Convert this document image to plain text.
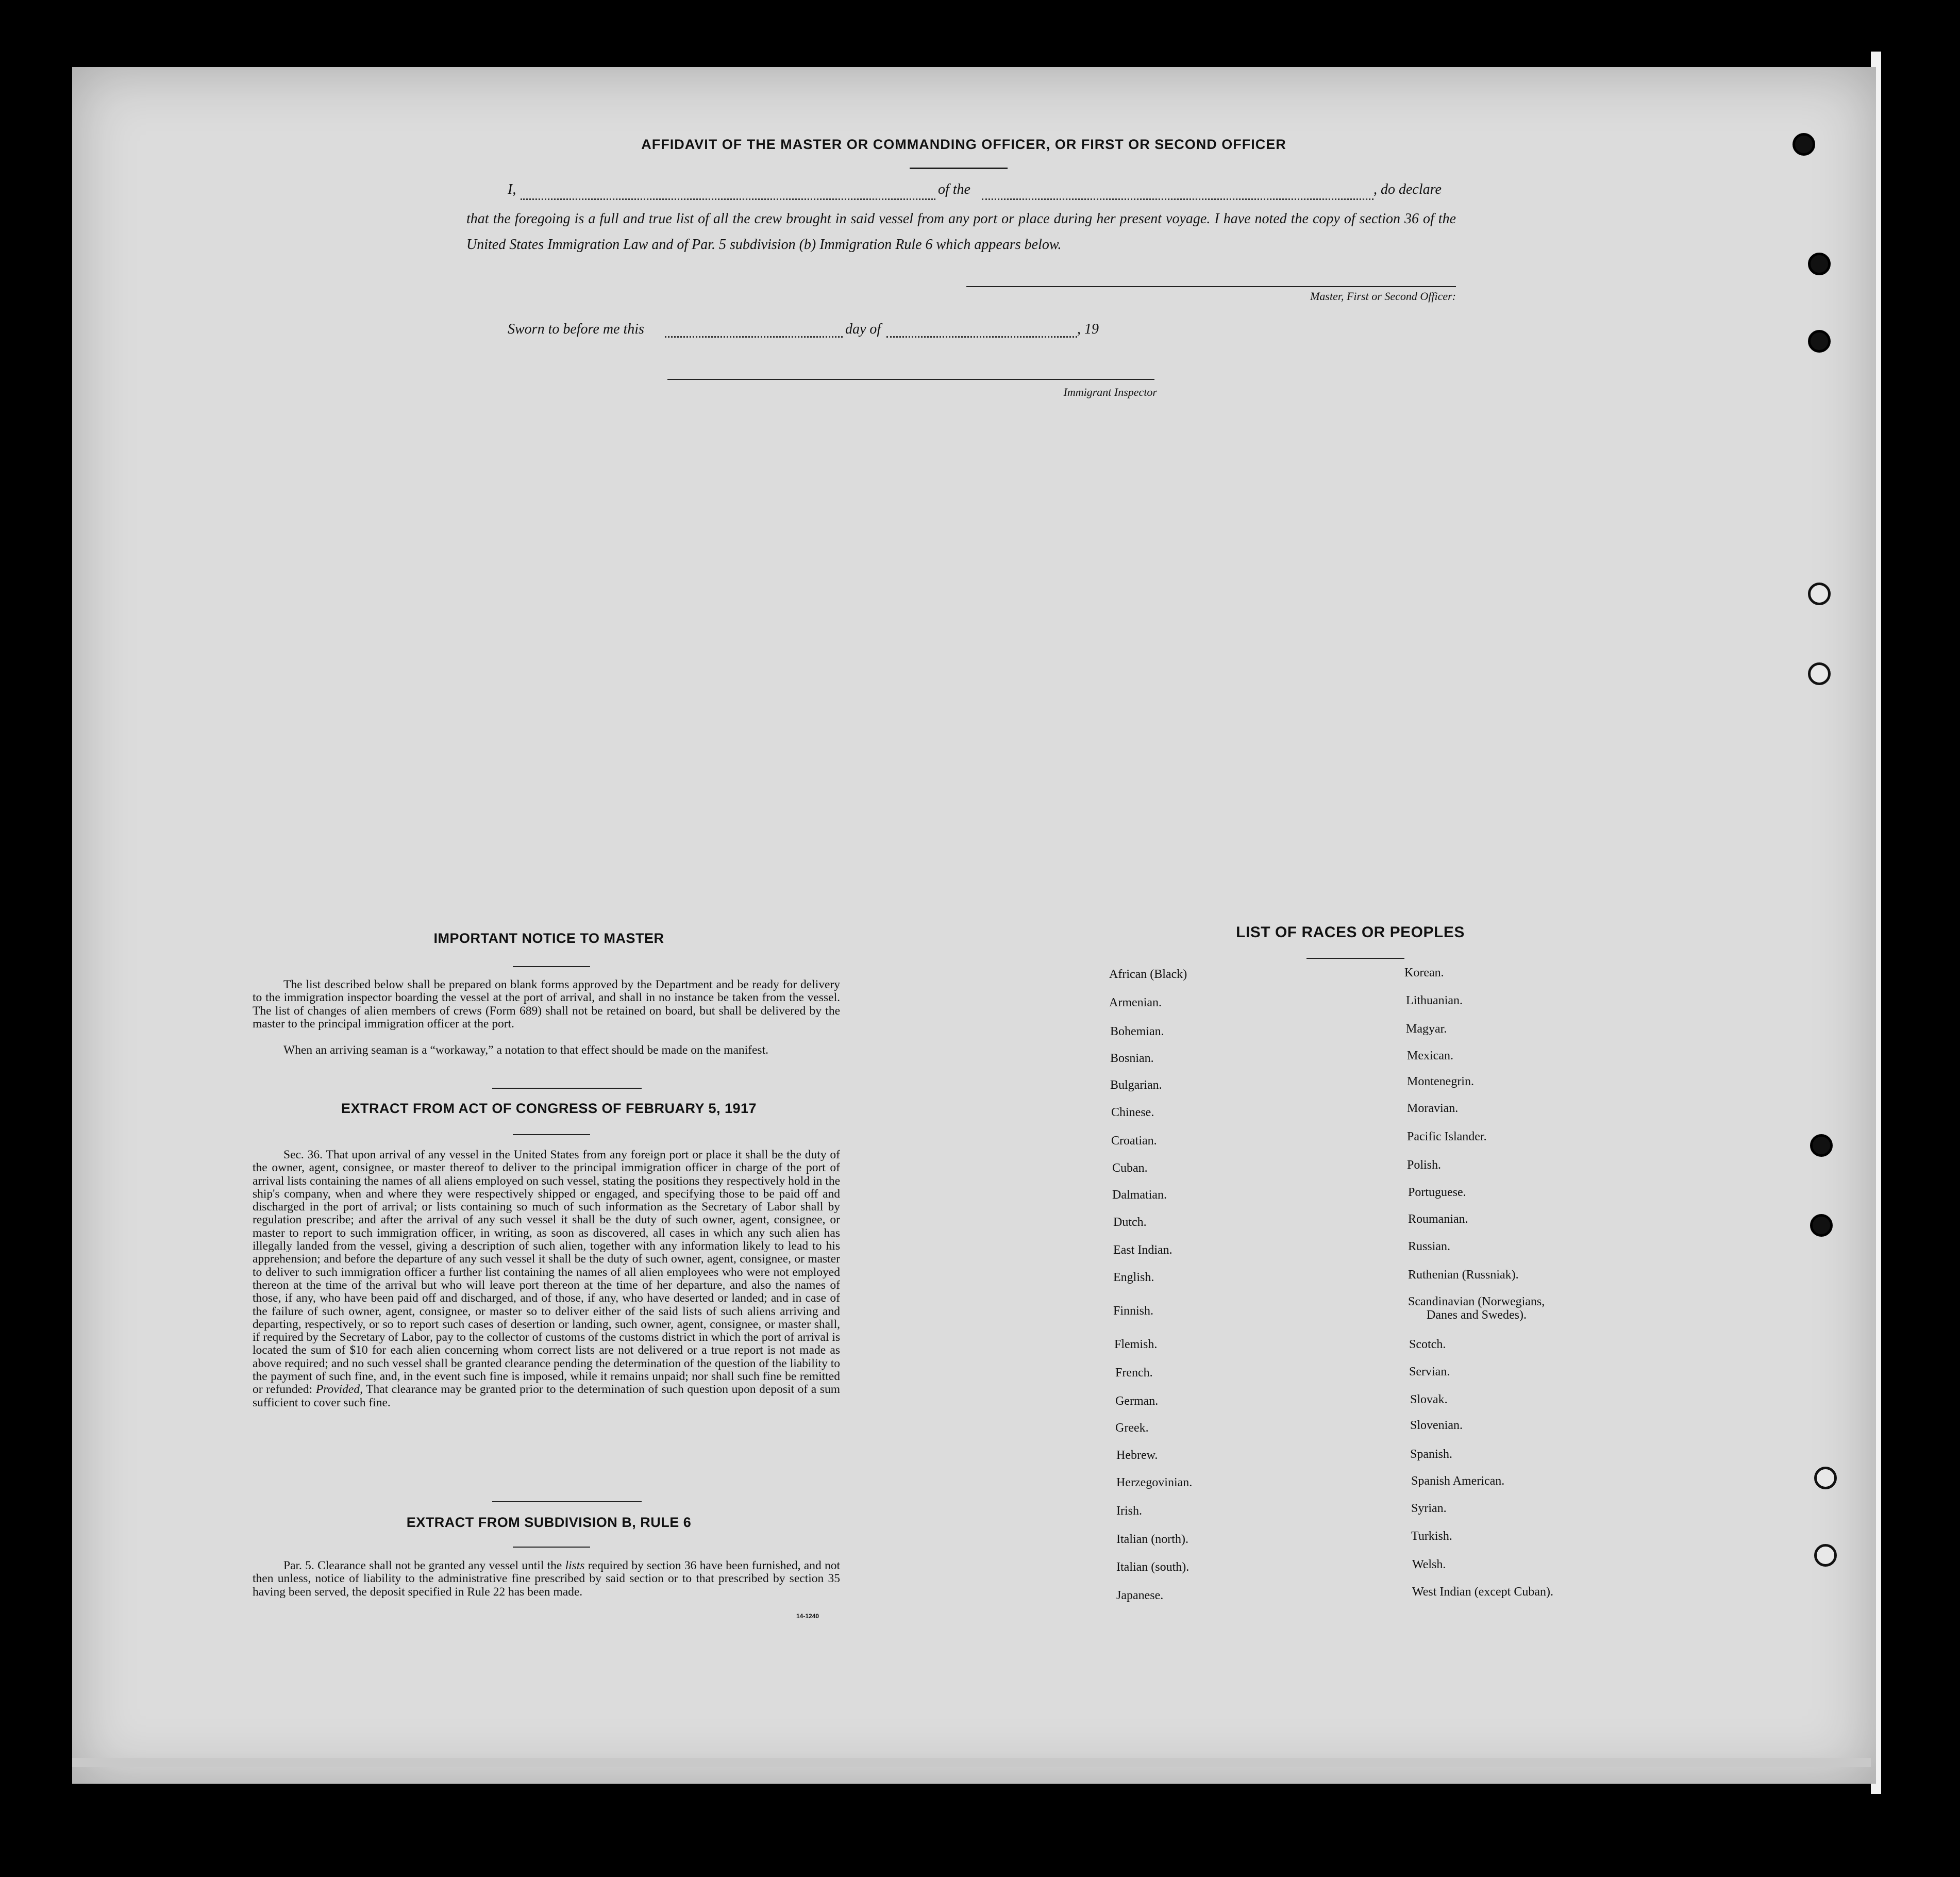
AFFIDAVIT OF THE MASTER OR COMMANDING OFFICER, OR FIRST OR SECOND OFFICER
I,	of the	, do declare
that the foregoing is a full and true list of all the crew brought in said vessel from any port or place during her present voyage. I have noted the copy of section 36 of the United States Immigration Law and of Par. 5 subdivision (b) Immigration Rule 6 which appears below.
Master, First or Second Officer:
Sworn to before me this	day of	, 19
Immigrant Inspector
IMPORTANT NOTICE TO MASTER
The list described below shall be prepared on blank forms approved by the Department and be ready for delivery to the immigration inspector boarding the vessel at the port of arrival, and shall in no instance be taken from the vessel. The list of changes of alien members of crews (Form 689) shall not be retained on board, but shall be delivered by the master to the principal immigration officer at the port.
When an arriving seaman is a “workaway,” a notation to that effect should be made on the manifest.
EXTRACT FROM ACT OF CONGRESS OF FEBRUARY 5, 1917
Sec. 36. That upon arrival of any vessel in the United States from any foreign port or place it shall be the duty of the owner, agent, consignee, or master thereof to deliver to the principal immigration officer in charge of the port of arrival lists containing the names of all aliens employed on such vessel, stating the positions they respectively hold in the ship's company, when and where they were respectively shipped or engaged, and specifying those to be paid off and discharged in the port of arrival; or lists containing so much of such information as the Secretary of Labor shall by regulation prescribe; and after the arrival of any such vessel it shall be the duty of such owner, agent, consignee, or master to report to such immigration officer, in writing, as soon as discovered, all cases in which any such alien has illegally landed from the vessel, giving a description of such alien, together with any information likely to lead to his apprehension; and before the departure of any such vessel it shall be the duty of such owner, agent, consignee, or master to deliver to such immigration officer a further list containing the names of all alien employees who were not employed thereon at the time of the arrival but who will leave port thereon at the time of her departure, and also the names of those, if any, who have been paid off and discharged, and of those, if any, who have deserted or landed; and in case of the failure of such owner, agent, consignee, or master so to deliver either of the said lists of such aliens arriving and departing, respectively, or so to report such cases of desertion or landing, such owner, agent, consignee, or master shall, if required by the Secretary of Labor, pay to the collector of customs of the customs district in which the port of arrival is located the sum of $10 for each alien concerning whom correct lists are not delivered or a true report is not made as above required; and no such vessel shall be granted clearance pending the determination of the question of the liability to the payment of such fine, and, in the event such fine is imposed, while it remains unpaid; nor shall such fine be remitted or refunded: Provided, That clearance may be granted prior to the determination of such question upon deposit of a sum sufficient to cover such fine.
EXTRACT FROM SUBDIVISION B, RULE 6
Par. 5. Clearance shall not be granted any vessel until the lists required by section 36 have been furnished, and not then unless, notice of liability to the administrative fine prescribed by said section or to that prescribed by section 35 having been served, the deposit specified in Rule 22 has been made.
14-1240
LIST OF RACES OR PEOPLES
African (Black)
Armenian.
Bohemian.
Bosnian.
Bulgarian.
Chinese.
Croatian.
Cuban.
Dalmatian.
Dutch.
East Indian.
English.
Finnish.
Flemish.
French.
German.
Greek.
Hebrew.
Herzegovinian.
Irish.
Italian (north).
Italian (south).
Japanese.
Korean.
Lithuanian.
Magyar.
Mexican.
Montenegrin.
Moravian.
Pacific Islander.
Polish.
Portuguese.
Roumanian.
Russian.
Ruthenian (Russniak).
Scandinavian (Norwegians,
Danes and Swedes).
Scotch.
Servian.
Slovak.
Slovenian.
Spanish.
Spanish American.
Syrian.
Turkish.
Welsh.
West Indian (except Cuban).
